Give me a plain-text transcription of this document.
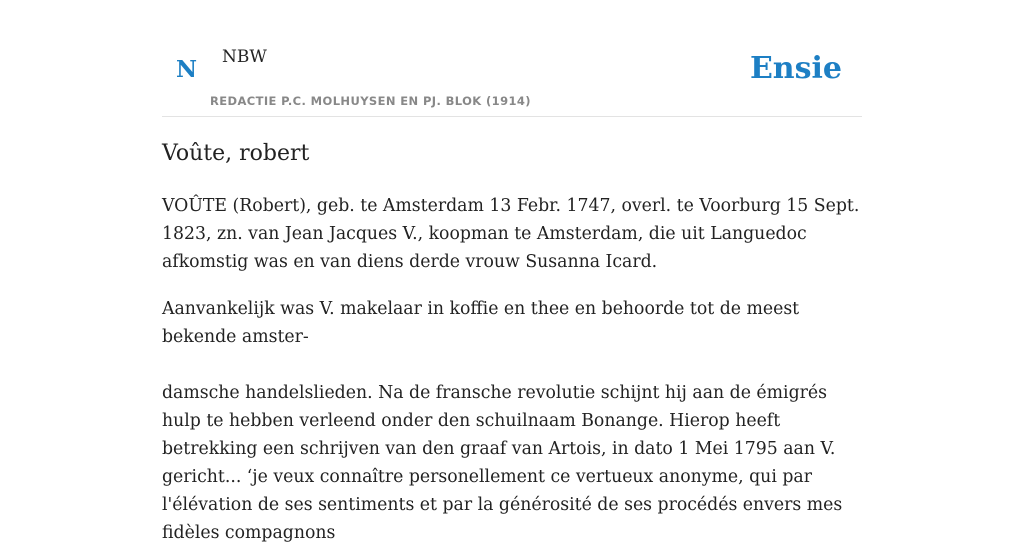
N NBW
REDACTIE P.C. MOLHUYSEN EN PJ. BLOK (1914)
Ensie
Voûte, robert

VOÛTE (Robert), geb. te Amsterdam 13 Febr. 1747, overl. te Voorburg 15 Sept. 1823, zn. van Jean Jacques V., koopman te Amsterdam, die uit Languedoc afkomstig was en van diens derde vrouw Susanna Icard.

Aanvankelijk was V. makelaar in koffie en thee en behoorde tot de meest bekende amster-

damsche handelslieden. Na de fransche revolutie schijnt hij aan de émigrés hulp te hebben verleend onder den schuilnaam Bonange. Hierop heeft betrekking een schrijven van den graaf van Artois, in dato 1 Mei 1795 aan V. gericht... ‘je veux connaître personellement ce vertueux anonyme, qui par l'élévation de ses sentiments et par la générosité de ses procédés envers mes fidèles compagnons
